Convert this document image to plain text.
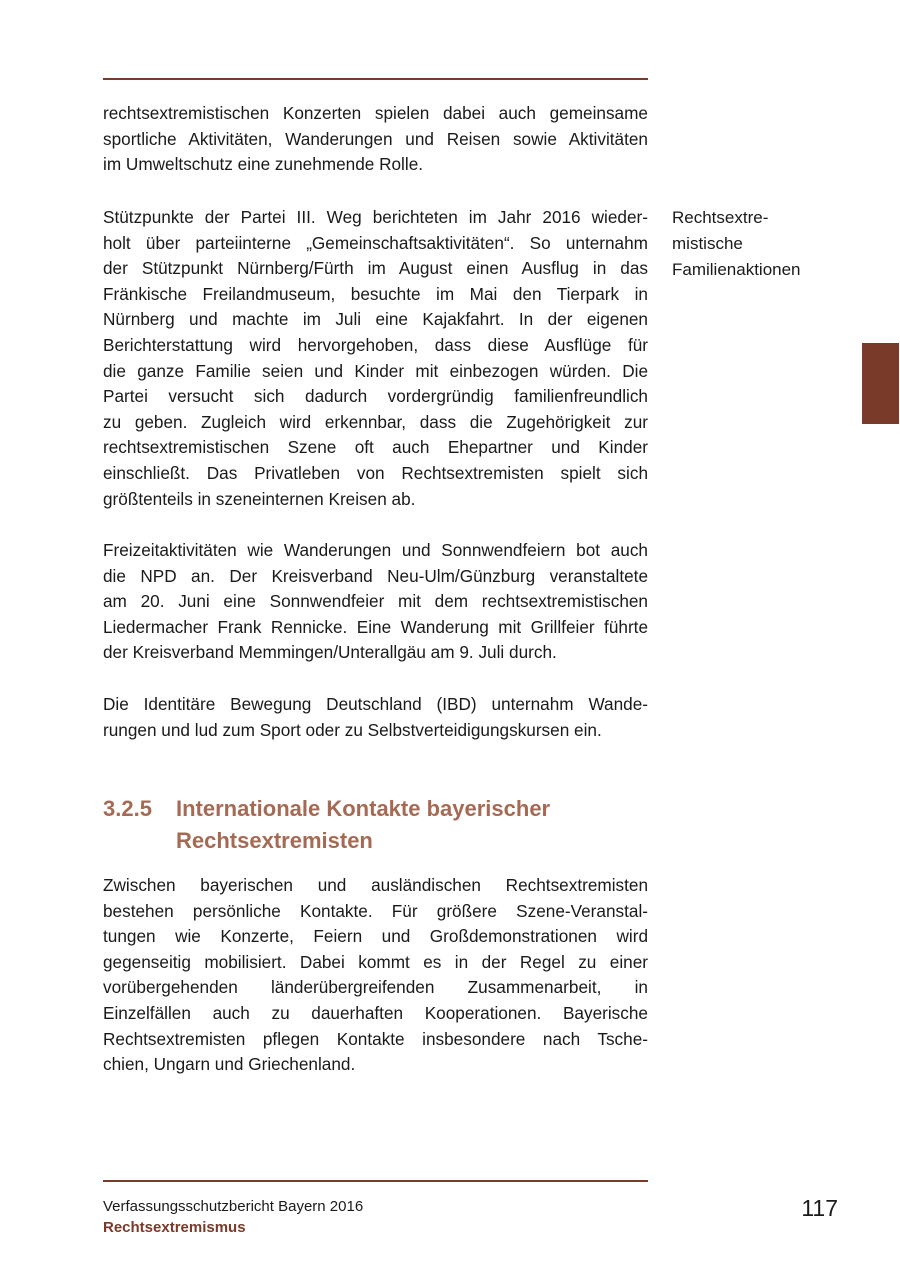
rechtsextremistischen Konzerten spielen dabei auch gemeinsame
sportliche Aktivitäten, Wanderungen und Reisen sowie Aktivitäten
im Umweltschutz eine zunehmende Rolle.

Stützpunkte der Partei III. Weg berichteten im Jahr 2016 wieder-
holt über parteiinterne „Gemeinschaftsaktivitäten“. So unternahm
der Stützpunkt Nürnberg/Fürth im August einen Ausflug in das
Fränkische Freilandmuseum, besuchte im Mai den Tierpark in
Nürnberg und machte im Juli eine Kajakfahrt. In der eigenen
Berichterstattung wird hervorgehoben, dass diese Ausflüge für
die ganze Familie seien und Kinder mit einbezogen würden. Die
Partei versucht sich dadurch vordergründig familienfreundlich
zu geben. Zugleich wird erkennbar, dass die Zugehörigkeit zur
rechtsextremistischen Szene oft auch Ehepartner und Kinder
einschließt. Das Privatleben von Rechtsextremisten spielt sich
größtenteils in szeneinternen Kreisen ab.

Freizeitaktivitäten wie Wanderungen und Sonnwendfeiern bot auch
die NPD an. Der Kreisverband Neu-Ulm/Günzburg veranstaltete
am 20. Juni eine Sonnwendfeier mit dem rechtsextremistischen
Liedermacher Frank Rennicke. Eine Wanderung mit Grillfeier führte
der Kreisverband Memmingen/Unterallgäu am 9. Juli durch.

Die Identitäre Bewegung Deutschland (IBD) unternahm Wande-
rungen und lud zum Sport oder zu Selbstverteidigungskursen ein.

3.2.5 Internationale Kontakte bayerischer
Rechtsextremisten

Zwischen bayerischen und ausländischen Rechtsextremisten
bestehen persönliche Kontakte. Für größere Szene-Veranstal-
tungen wie Konzerte, Feiern und Großdemonstrationen wird
gegenseitig mobilisiert. Dabei kommt es in der Regel zu einer
vorübergehenden länderübergreifenden Zusammenarbeit, in
Einzelfällen auch zu dauerhaften Kooperationen. Bayerische
Rechtsextremisten pflegen Kontakte insbesondere nach Tsche-
chien, Ungarn und Griechenland.

Rechtsextre-
mistische
Familienaktionen
Verfassungsschutzbericht Bayern 2016
Rechtsextremismus
117
